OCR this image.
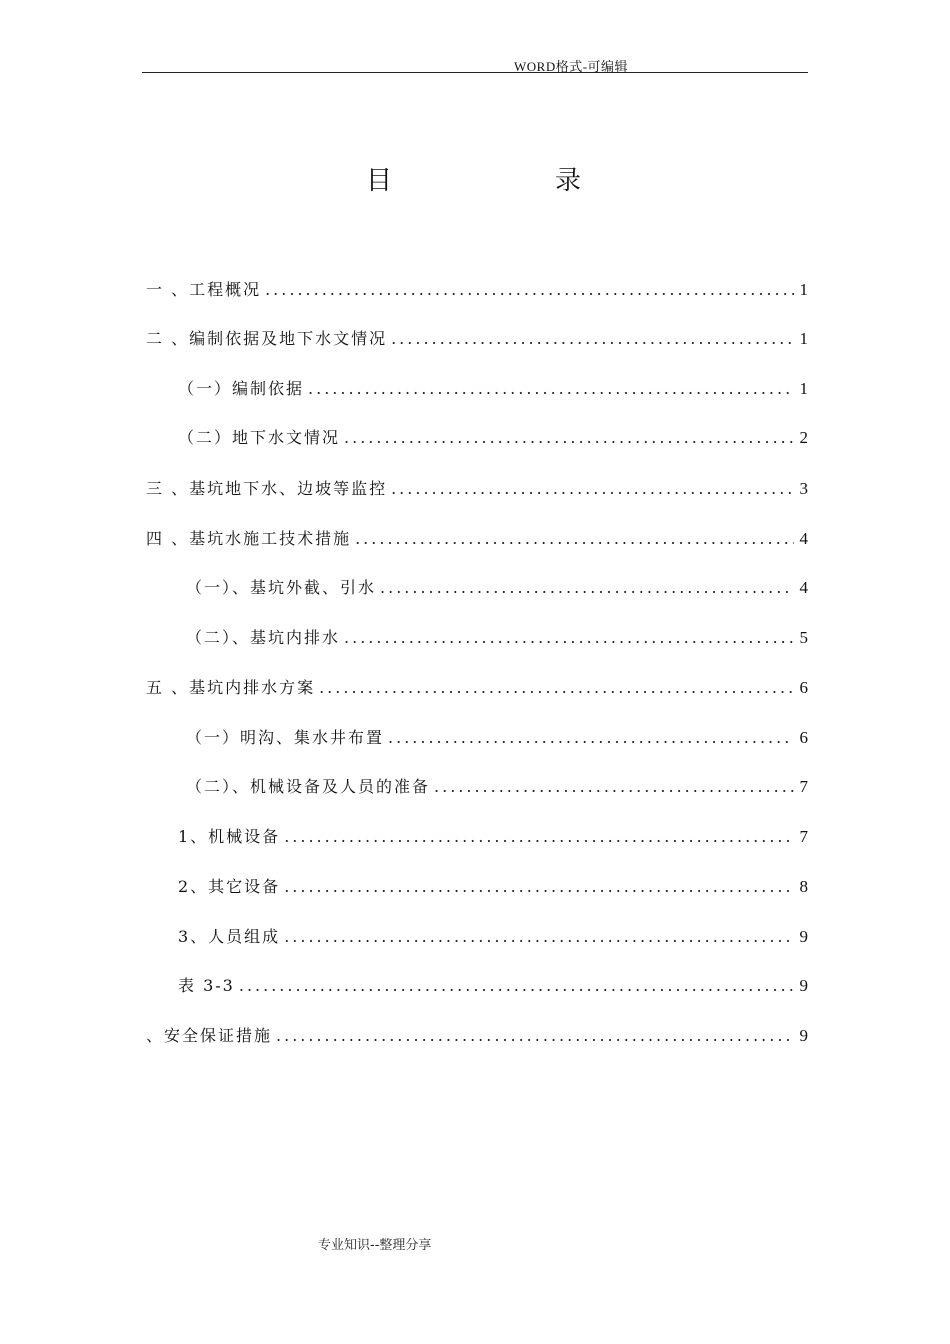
WORD格式-可编辑
目	录
一 、工程概况 .....	1
二 、编制依据及地下水文情况 .....	1
（一）编制依据 .....	1
（二）地下水文情况 .....	2
三 、基坑地下水、边坡等监控 .....	3
四 、基坑水施工技术措施 .....	4
（一）、基坑外截、引水 .....	4
（二）、基坑内排水 .....	5
五 、基坑内排水方案 .....	6
（一）明沟、集水井布置 .....	6
（二）、机械设备及人员的准备 .....	7
1、机械设备 .....	7
2、其它设备 .....	8
3、人员组成 .....	9
表 3-3 .....	9
、安全保证措施 .....	9
专业知识--整理分享
